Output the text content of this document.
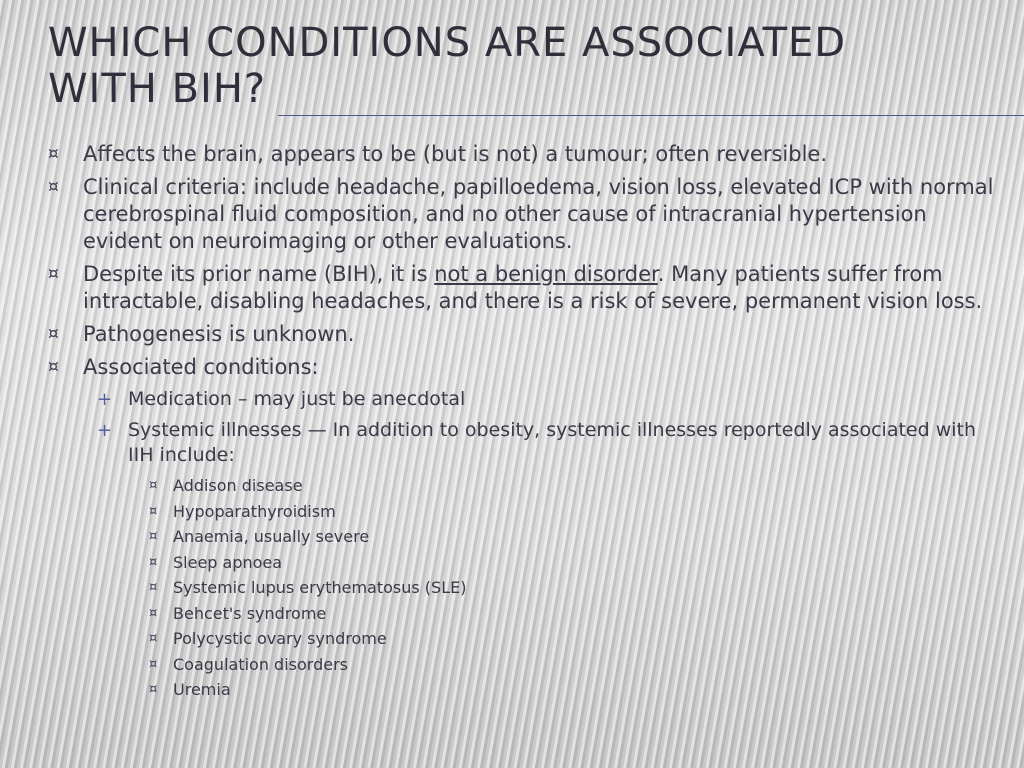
WHICH CONDITIONS ARE ASSOCIATED WITH BIH?
¤ Affects the brain, appears to be (but is not) a tumour; often reversible.
¤ Clinical criteria: include headache, papilloedema, vision loss, elevated ICP with normal cerebrospinal fluid composition, and no other cause of intracranial hypertension evident on neuroimaging or other evaluations.
¤ Despite its prior name (BIH), it is not a benign disorder. Many patients suffer from intractable, disabling headaches, and there is a risk of severe, permanent vision loss.
¤ Pathogenesis is unknown.
¤ Associated conditions:
+ Medication – may just be anecdotal
+ Systemic illnesses — In addition to obesity, systemic illnesses reportedly associated with IIH include:
¤ Addison disease
¤ Hypoparathyroidism
¤ Anaemia, usually severe
¤ Sleep apnoea
¤ Systemic lupus erythematosus (SLE)
¤ Behcet's syndrome
¤ Polycystic ovary syndrome
¤ Coagulation disorders
¤ Uremia
